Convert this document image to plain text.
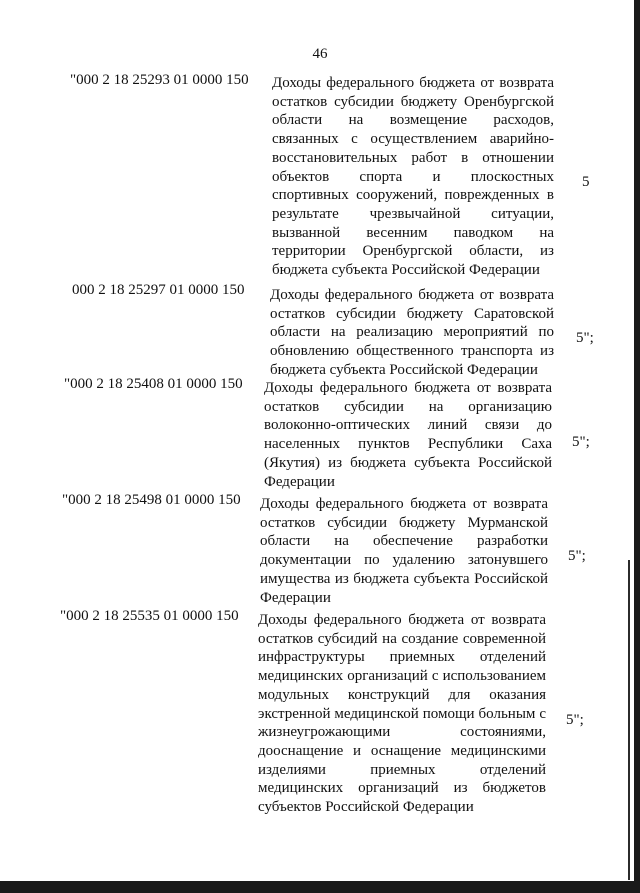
46
"000 2 18 25293 01 0000 150 Доходы федерального бюджета от возврата остатков субсидии бюджету Оренбургской области на возмещение расходов, связанных с осуществлением аварийно-восстановительных работ в отношении объектов спорта и плоскостных спортивных сооружений, поврежденных в результате чрезвычайной ситуации, вызванной весенним паводком на территории Оренбургской области, из бюджета субъекта Российской Федерации
5
000 2 18 25297 01 0000 150 Доходы федерального бюджета от возврата остатков субсидии бюджету Саратовской области на реализацию мероприятий по обновлению общественного транспорта из бюджета субъекта Российской Федерации
5";
"000 2 18 25408 01 0000 150 Доходы федерального бюджета от возврата остатков субсидии на организацию волоконно-оптических линий связи до населенных пунктов Республики Саха (Якутия) из бюджета субъекта Российской Федерации
5";
"000 2 18 25498 01 0000 150 Доходы федерального бюджета от возврата остатков субсидии бюджету Мурманской области на обеспечение разработки документации по удалению затонувшего имущества из бюджета субъекта Российской Федерации
5";
"000 2 18 25535 01 0000 150 Доходы федерального бюджета от возврата остатков субсидий на создание современной инфраструктуры приемных отделений медицинских организаций с использованием модульных конструкций для оказания экстренной медицинской помощи больным с жизнеугрожающими состояниями, дооснащение и оснащение медицинскими изделиями приемных отделений медицинских организаций из бюджетов субъектов Российской Федерации
5";
